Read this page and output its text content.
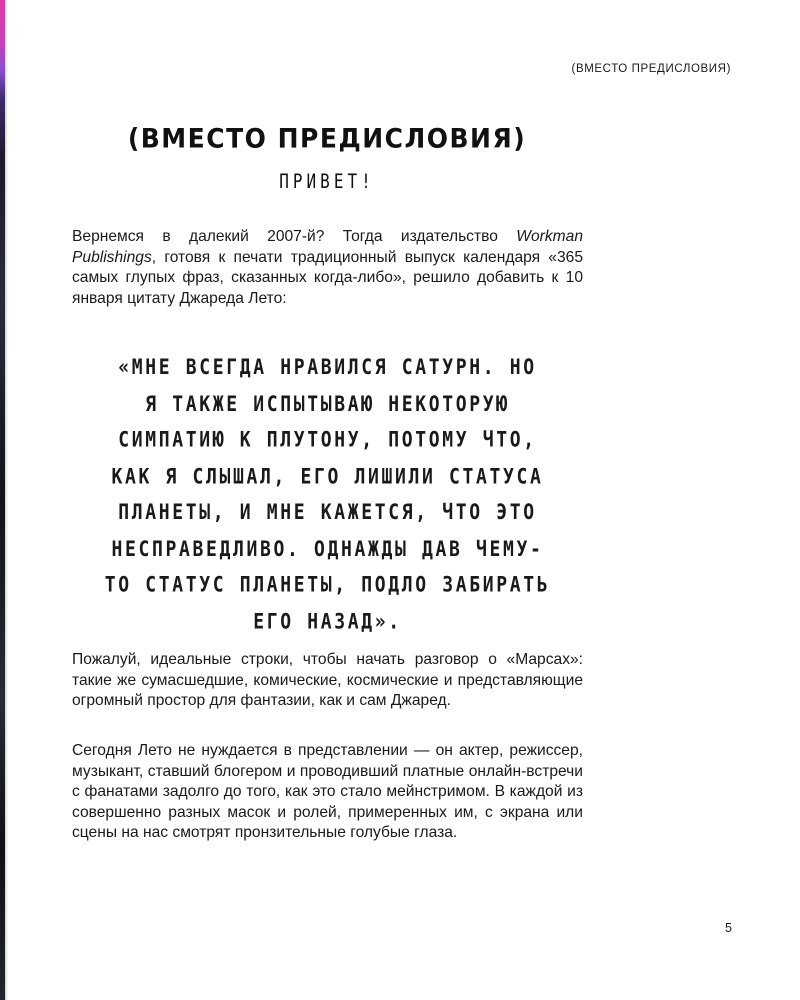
(ВМЕСТО ПРЕДИСЛОВИЯ)
(ВМЕСТО ПРЕДИСЛОВИЯ)
ПРИВЕТ!
Вернемся в далекий 2007-й? Тогда издательство Workman Publishings, готовя к печати традиционный выпуск календаря «365 самых глупых фраз, сказанных когда-либо», решило добавить к 10 января цитату Джареда Лето:
«МНЕ ВСЕГДА НРАВИЛСЯ САТУРН. НО
Я ТАКЖЕ ИСПЫТЫВАЮ НЕКОТОРУЮ
СИМПАТИЮ К ПЛУТОНУ, ПОТОМУ ЧТО,
КАК Я СЛЫШАЛ, ЕГО ЛИШИЛИ СТАТУСА
ПЛАНЕТЫ, И МНЕ КАЖЕТСЯ, ЧТО ЭТО
НЕСПРАВЕДЛИВО. ОДНАЖДЫ ДАВ ЧЕМУ-
ТО СТАТУС ПЛАНЕТЫ, ПОДЛО ЗАБИРАТЬ
ЕГО НАЗАД».
Пожалуй, идеальные строки, чтобы начать разговор о «Марсах»: такие же сумасшедшие, комические, космические и представляющие огромный простор для фантазии, как и сам Джаред.
Сегодня Лето не нуждается в представлении — он актер, режиссер, музыкант, ставший блогером и проводивший платные онлайн-встречи с фанатами задолго до того, как это стало мейнстримом. В каждой из совершенно разных масок и ролей, примеренных им, с экрана или сцены на нас смотрят пронзительные голубые глаза.
5
